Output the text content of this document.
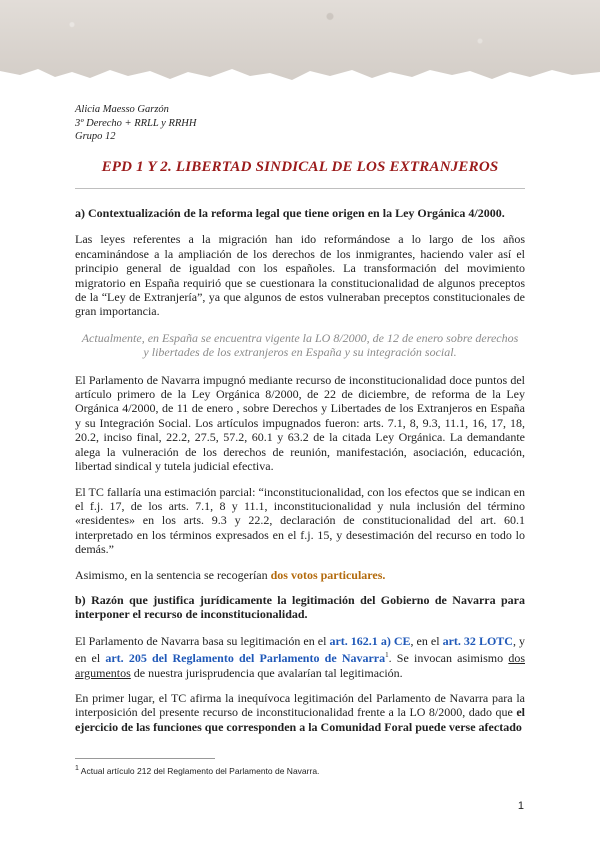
Alicia Maesso Garzón
3º Derecho + RRLL y RRHH
Grupo 12
EPD 1 Y 2. LIBERTAD SINDICAL DE LOS EXTRANJEROS

a) Contextualización de la reforma legal que tiene origen en la Ley Orgánica 4/2000.

Las leyes referentes a la migración han ido reformándose a lo largo de los años encaminándose a la ampliación de los derechos de los inmigrantes, haciendo valer así el principio general de igualdad con los españoles. La transformación del movimiento migratorio en España requirió que se cuestionara la constitucionalidad de algunos preceptos de la “Ley de Extranjería”, ya que algunos de estos vulneraban preceptos constitucionales de gran importancia.

Actualmente, en España se encuentra vigente la LO 8/2000, de 12 de enero sobre derechos y libertades de los extranjeros en España y su integración social.

El Parlamento de Navarra impugnó mediante recurso de inconstitucionalidad doce puntos del artículo primero de la Ley Orgánica 8/2000, de 22 de diciembre, de reforma de la Ley Orgánica 4/2000, de 11 de enero , sobre Derechos y Libertades de los Extranjeros en España y su Integración Social. Los artículos impugnados fueron: arts. 7.1, 8, 9.3, 11.1, 16, 17, 18, 20.2, inciso final, 22.2, 27.5, 57.2, 60.1 y 63.2 de la citada Ley Orgánica. La demandante alega la vulneración de los derechos de reunión, manifestación, asociación, educación, libertad sindical y tutela judicial efectiva.

El TC fallaría una estimación parcial: “inconstitucionalidad, con los efectos que se indican en el f.j. 17, de los arts. 7.1, 8 y 11.1, inconstitucionalidad y nula inclusión del término «residentes» en los arts. 9.3 y 22.2, declaración de constitucionalidad del art. 60.1 interpretado en los términos expresados en el f.j. 15, y desestimación del recurso en todo lo demás.”

Asimismo, en la sentencia se recogerían dos votos particulares.

b) Razón que justifica jurídicamente la legitimación del Gobierno de Navarra para interponer el recurso de inconstitucionalidad.

El Parlamento de Navarra basa su legitimación en el art. 162.1 a) CE, en el art. 32 LOTC, y en el art. 205 del Reglamento del Parlamento de Navarra$^1$. Se invocan asimismo dos argumentos de nuestra jurisprudencia que avalarían tal legitimación.

En primer lugar, el TC afirma la inequívoca legitimación del Parlamento de Navarra para la interposición del presente recurso de inconstitucionalidad frente a la LO 8/2000, dado que el ejercicio de las funciones que corresponden a la Comunidad Foral puede verse afectado

$^1$ Actual artículo 212 del Reglamento del Parlamento de Navarra.
1
